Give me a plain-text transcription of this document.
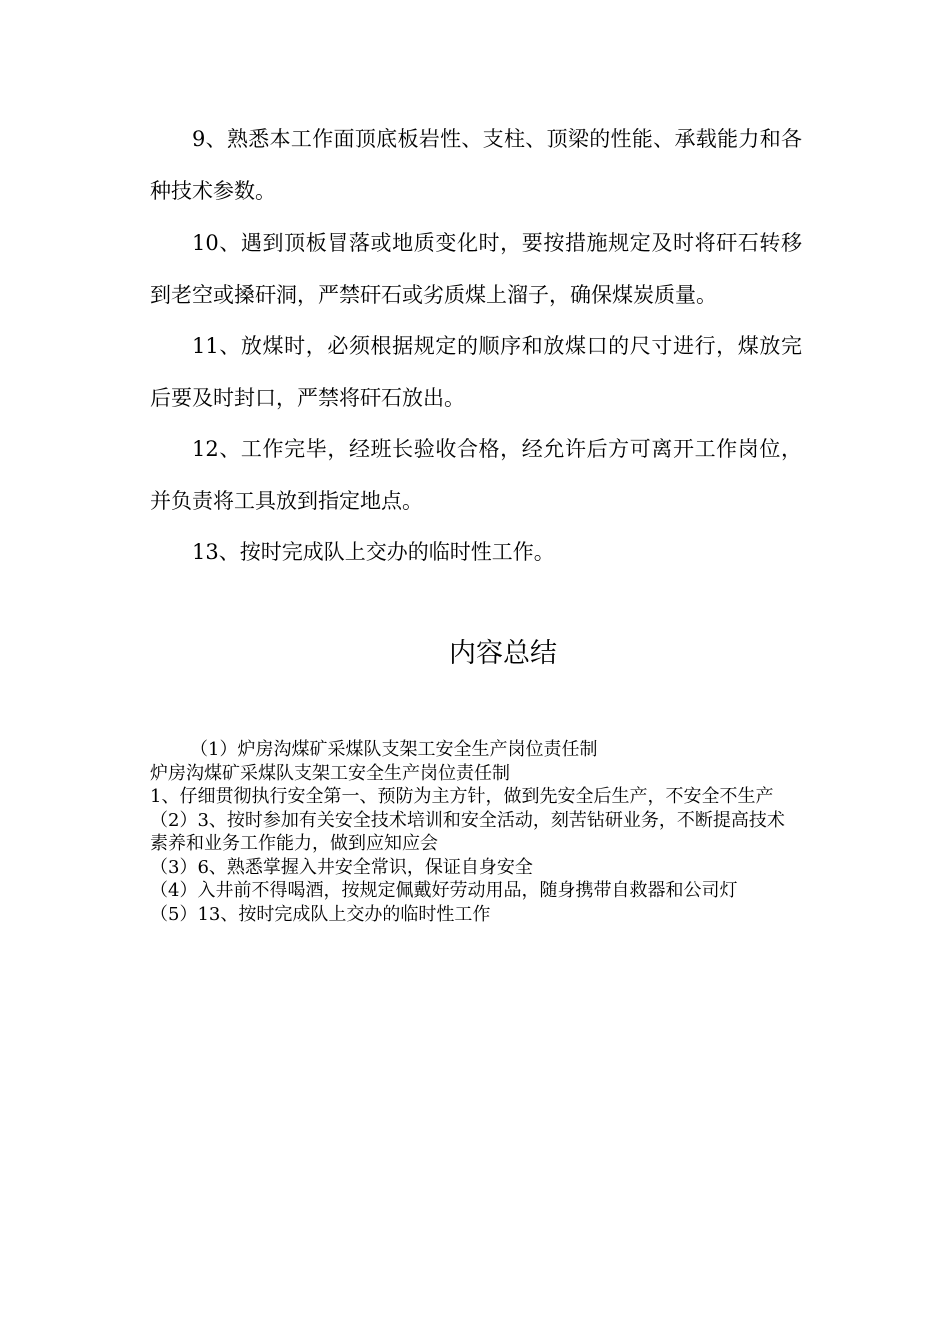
9、熟悉本工作面顶底板岩性、支柱、顶梁的性能、承载能力和各种技术参数。

10、遇到顶板冒落或地质变化时，要按措施规定及时将矸石转移到老空或搡矸洞，严禁矸石或劣质煤上溜子，确保煤炭质量。

11、放煤时，必须根据规定的顺序和放煤口的尺寸进行，煤放完后要及时封口，严禁将矸石放出。

12、工作完毕，经班长验收合格，经允许后方可离开工作岗位，并负责将工具放到指定地点。

13、按时完成队上交办的临时性工作。

内容总结
（1）炉房沟煤矿采煤队支架工安全生产岗位责任制
炉房沟煤矿采煤队支架工安全生产岗位责任制
1、仔细贯彻执行安全第一、预防为主方针，做到先安全后生产，不安全不生产
（2）3、按时参加有关安全技术培训和安全活动，刻苦钻研业务，不断提高技术素养和业务工作能力，做到应知应会
（3）6、熟悉掌握入井安全常识，保证自身安全
（4）入井前不得喝酒，按规定佩戴好劳动用品，随身携带自救器和公司灯
（5）13、按时完成队上交办的临时性工作
